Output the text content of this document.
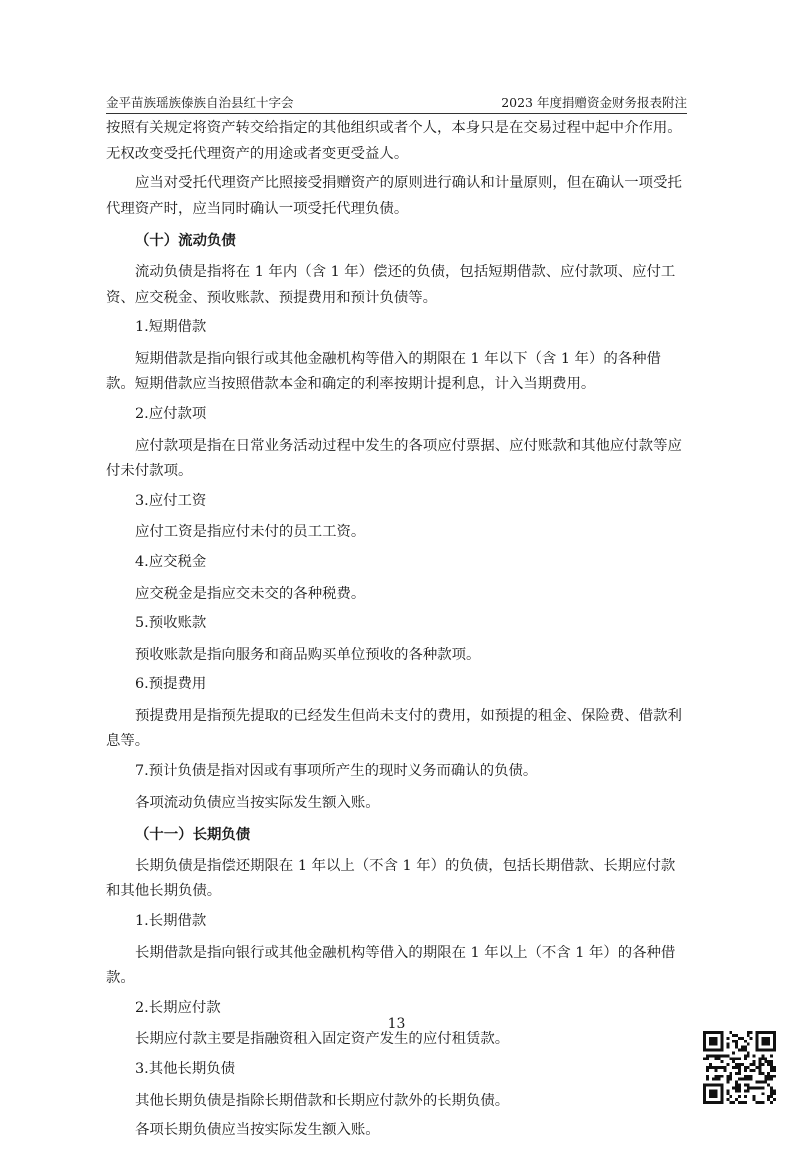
金平苗族瑶族傣族自治县红十字会	2023 年度捐赠资金财务报表附注

按照有关规定将资产转交给指定的其他组织或者个人，本身只是在交易过程中起中介作用。无权改变受托代理资产的用途或者变更受益人。

应当对受托代理资产比照接受捐赠资产的原则进行确认和计量原则，但在确认一项受托代理资产时，应当同时确认一项受托代理负债。

（十）流动负债

流动负债是指将在 1 年内（含 1 年）偿还的负债，包括短期借款、应付款项、应付工资、应交税金、预收账款、预提费用和预计负债等。

1.短期借款

短期借款是指向银行或其他金融机构等借入的期限在 1 年以下（含 1 年）的各种借款。短期借款应当按照借款本金和确定的利率按期计提利息，计入当期费用。

2.应付款项

应付款项是指在日常业务活动过程中发生的各项应付票据、应付账款和其他应付款等应付未付款项。

3.应付工资

应付工资是指应付未付的员工工资。

4.应交税金

应交税金是指应交未交的各种税费。

5.预收账款

预收账款是指向服务和商品购买单位预收的各种款项。

6.预提费用

预提费用是指预先提取的已经发生但尚未支付的费用，如预提的租金、保险费、借款利息等。

7.预计负债是指对因或有事项所产生的现时义务而确认的负债。

各项流动负债应当按实际发生额入账。

（十一）长期负债

长期负债是指偿还期限在 1 年以上（不含 1 年）的负债，包括长期借款、长期应付款和其他长期负债。

1.长期借款

长期借款是指向银行或其他金融机构等借入的期限在 1 年以上（不含 1 年）的各种借款。

2.长期应付款

长期应付款主要是指融资租入固定资产发生的应付租赁款。

3.其他长期负债

其他长期负债是指除长期借款和长期应付款外的长期负债。

各项长期负债应当按实际发生额入账。

13
